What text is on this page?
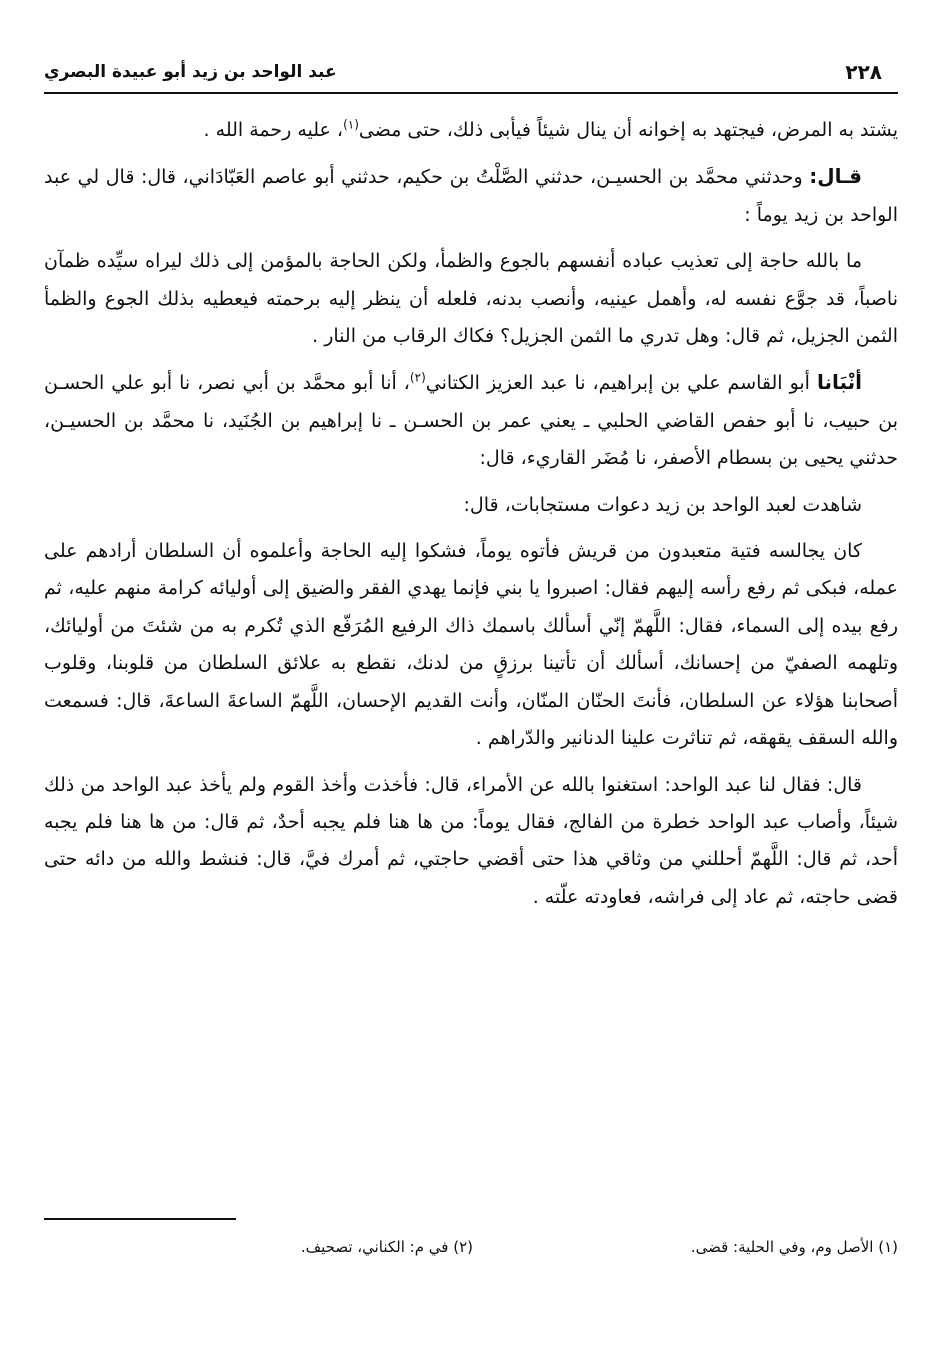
٢٢٨
عبد الواحد بن زيد أبو عبيدة البصري

يشتد به المرض، فيجتهد به إخوانه أن ينال شيئاً فيأبى ذلك، حتى مضى$^{(١)}$، عليه رحمة الله .

قـال: وحدثني محمَّد بن الحسيـن، حدثني الصَّلْتُ بن حكيم، حدثني أبو عاصم العَبّادَاني، قال: قال لي عبد الواحد بن زيد يوماً :

ما بالله حاجة إلى تعذيب عباده أنفسهم بالجوع والظمأ، ولكن الحاجة بالمؤمن إلى ذلك ليراه سيِّده ظمآن ناصباً، قد جوَّع نفسه له، وأهمل عينيه، وأنصب بدنه، فلعله أن ينظر إليه برحمته فيعطيه بذلك الجوع والظمأ الثمن الجزيل، ثم قال: وهل تدري ما الثمن الجزيل؟ فكاك الرقاب من النار .

أنْبَانا أبو القاسم علي بن إبراهيم، نا عبد العزيز الكتاني$^{(٢)}$، أنا أبو محمَّد بن أبي نصر، نا أبو علي الحسـن بن حبيب، نا أبو حفص القاضي الحلبي ـ يعني عمر بن الحسـن ـ نا إبراهيم بن الجُنَيد، نا محمَّد بن الحسيـن، حدثني يحيى بن بسطام الأصفر، نا مُضَر القاريء، قال:

شاهدت لعبد الواحد بن زيد دعوات مستجابات، قال:

كان يجالسه فتية متعبدون من قريش فأتوه يوماً، فشكوا إليه الحاجة وأعلموه أن السلطان أرادهم على عمله، فبكى ثم رفع رأسه إليهم فقال: اصبروا يا بني فإنما يهدي الفقر والضيق إلى أوليائه كرامة منهم عليه، ثم رفع بيده إلى السماء، فقال: اللَّهمّ إنّي أسألك باسمك ذاك الرفيع المُرَفّع الذي تُكرم به من شئتَ من أوليائك، وتلهمه الصفيّ من إحسانك، أسألك أن تأتينا برزقٍ من لدنك، نقطع به علائق السلطان من قلوبنا، وقلوب أصحابنا هؤلاء عن السلطان، فأنتَ الحنّان المنّان، وأنت القديم الإحسان، اللَّهمّ الساعةَ الساعةَ، قال: فسمعت والله السقف يقهقه، ثم تناثرت علينا الدنانير والدّراهم .

قال: فقال لنا عبد الواحد: استغنوا بالله عن الأمراء، قال: فأخذت وأخذ القوم ولم يأخذ عبد الواحد من ذلك شيئاً، وأصاب عبد الواحد خطرة من الفالج، فقال يوماً: من ها هنا فلم يجبه أحدٌ، ثم قال: من ها هنا فلم يجبه أحد، ثم قال: اللَّهمّ أحللني من وثاقي هذا حتى أقضي حاجتي، ثم أمرك فيَّ، قال: فنشط والله من دائه حتى قضى حاجته، ثم عاد إلى فراشه، فعاودته علّته .

(١) الأصل وم، وفي الحلية: قضى.
(٢) في م: الكناني، تصحيف.
